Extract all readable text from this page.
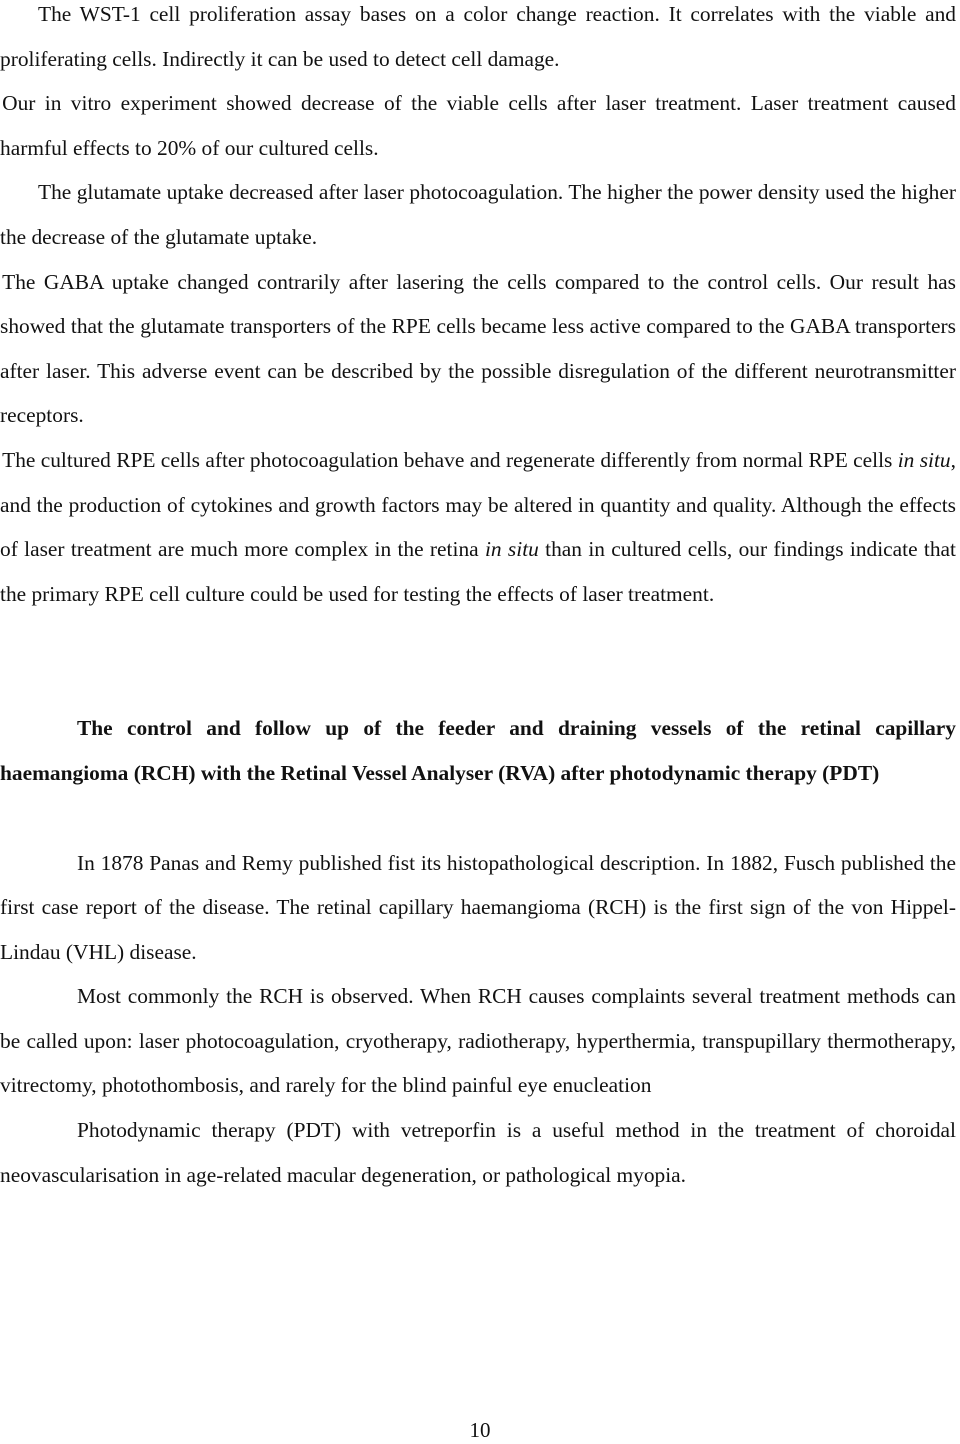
The WST-1 cell proliferation assay bases on a color change reaction. It correlates with the viable and proliferating cells. Indirectly it can be used to detect cell damage.

Our in vitro experiment showed decrease of the viable cells after laser treatment. Laser treatment caused harmful effects to 20% of our cultured cells.

The glutamate uptake decreased after laser photocoagulation. The higher the power density used the higher the decrease of the glutamate uptake.

The GABA uptake changed contrarily after lasering the cells compared to the control cells. Our result has showed that the glutamate transporters of the RPE cells became less active compared to the GABA transporters after laser. This adverse event can be described by the possible disregulation of the different neurotransmitter receptors.

The cultured RPE cells after photocoagulation behave and regenerate differently from normal RPE cells in situ, and the production of cytokines and growth factors may be altered in quantity and quality. Although the effects of laser treatment are much more complex in the retina in situ than in cultured cells, our findings indicate that the primary RPE cell culture could be used for testing the effects of laser treatment.

The control and follow up of the feeder and draining vessels of the retinal capillary haemangioma (RCH) with the Retinal Vessel Analyser (RVA) after photodynamic therapy (PDT)

In 1878 Panas and Remy published fist its histopathological description. In 1882, Fusch published the first case report of the disease. The retinal capillary haemangioma (RCH) is the first sign of the von Hippel-Lindau (VHL) disease.

Most commonly the RCH is observed. When RCH causes complaints several treatment methods can be called upon: laser photocoagulation, cryotherapy, radiotherapy, hyperthermia, transpupillary thermotherapy, vitrectomy, photothombosis, and rarely for the blind painful eye enucleation

Photodynamic therapy (PDT) with vetreporfin is a useful method in the treatment of choroidal neovascularisation in age-related macular degeneration, or pathological myopia.

10
